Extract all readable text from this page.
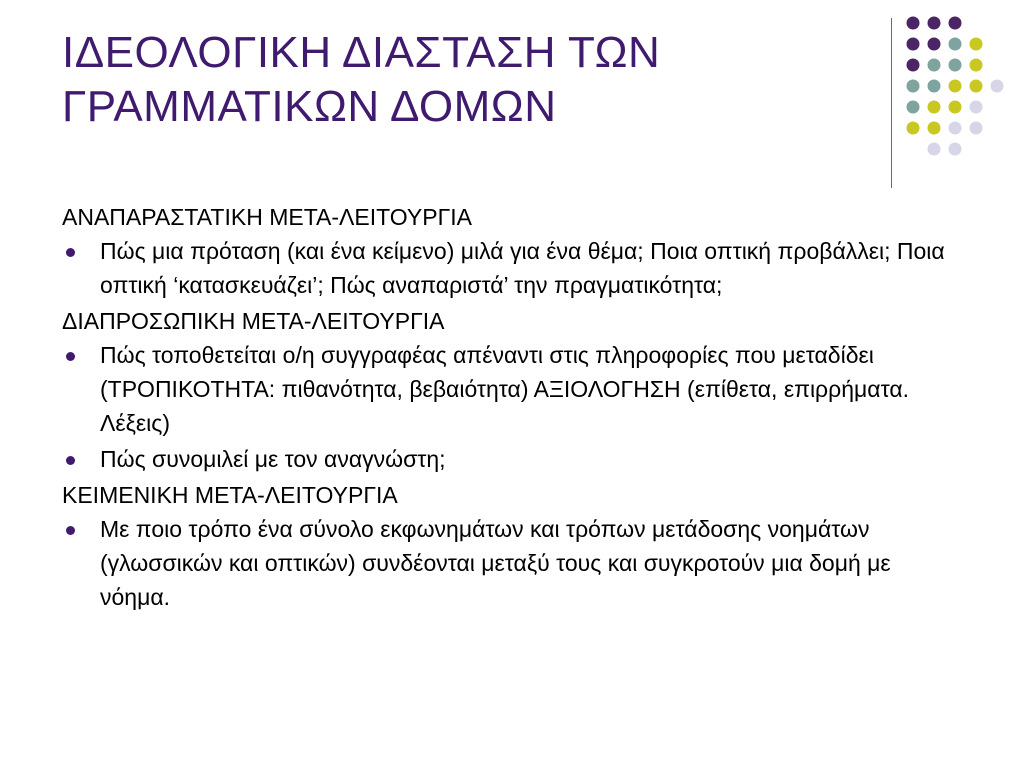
ΙΔΕΟΛΟΓΙΚΗ ΔΙΑΣΤΑΣΗ ΤΩΝ
ΓΡΑΜΜΑΤΙΚΩΝ ΔΟΜΩΝ

ΑΝΑΠΑΡΑΣΤΑΤΙΚΗ ΜΕΤΑ-ΛΕΙΤΟΥΡΓΙΑ

Πώς μια πρόταση (και ένα κείμενο) μιλά για ένα θέμα; Ποια οπτική προβάλλει; Ποια οπτική ‘κατασκευάζει’; Πώς αναπαριστά’ την πραγματικότητα;

ΔΙΑΠΡΟΣΩΠΙΚΗ ΜΕΤΑ-ΛΕΙΤΟΥΡΓΙΑ

Πώς τοποθετείται ο/η συγγραφέας απέναντι στις πληροφορίες που μεταδίδει (ΤΡΟΠΙΚΟΤΗΤΑ: πιθανότητα, βεβαιότητα) ΑΞΙΟΛΟΓΗΣΗ (επίθετα, επιρρήματα. Λέξεις)
Πώς συνομιλεί με τον αναγνώστη;

ΚΕΙΜΕΝΙΚΗ ΜΕΤΑ-ΛΕΙΤΟΥΡΓΙΑ

Με ποιο τρόπο ένα σύνολο εκφωνημάτων και τρόπων μετάδοσης νοημάτων (γλωσσικών και οπτικών) συνδέονται μεταξύ τους και συγκροτούν μια δομή με νόημα.
